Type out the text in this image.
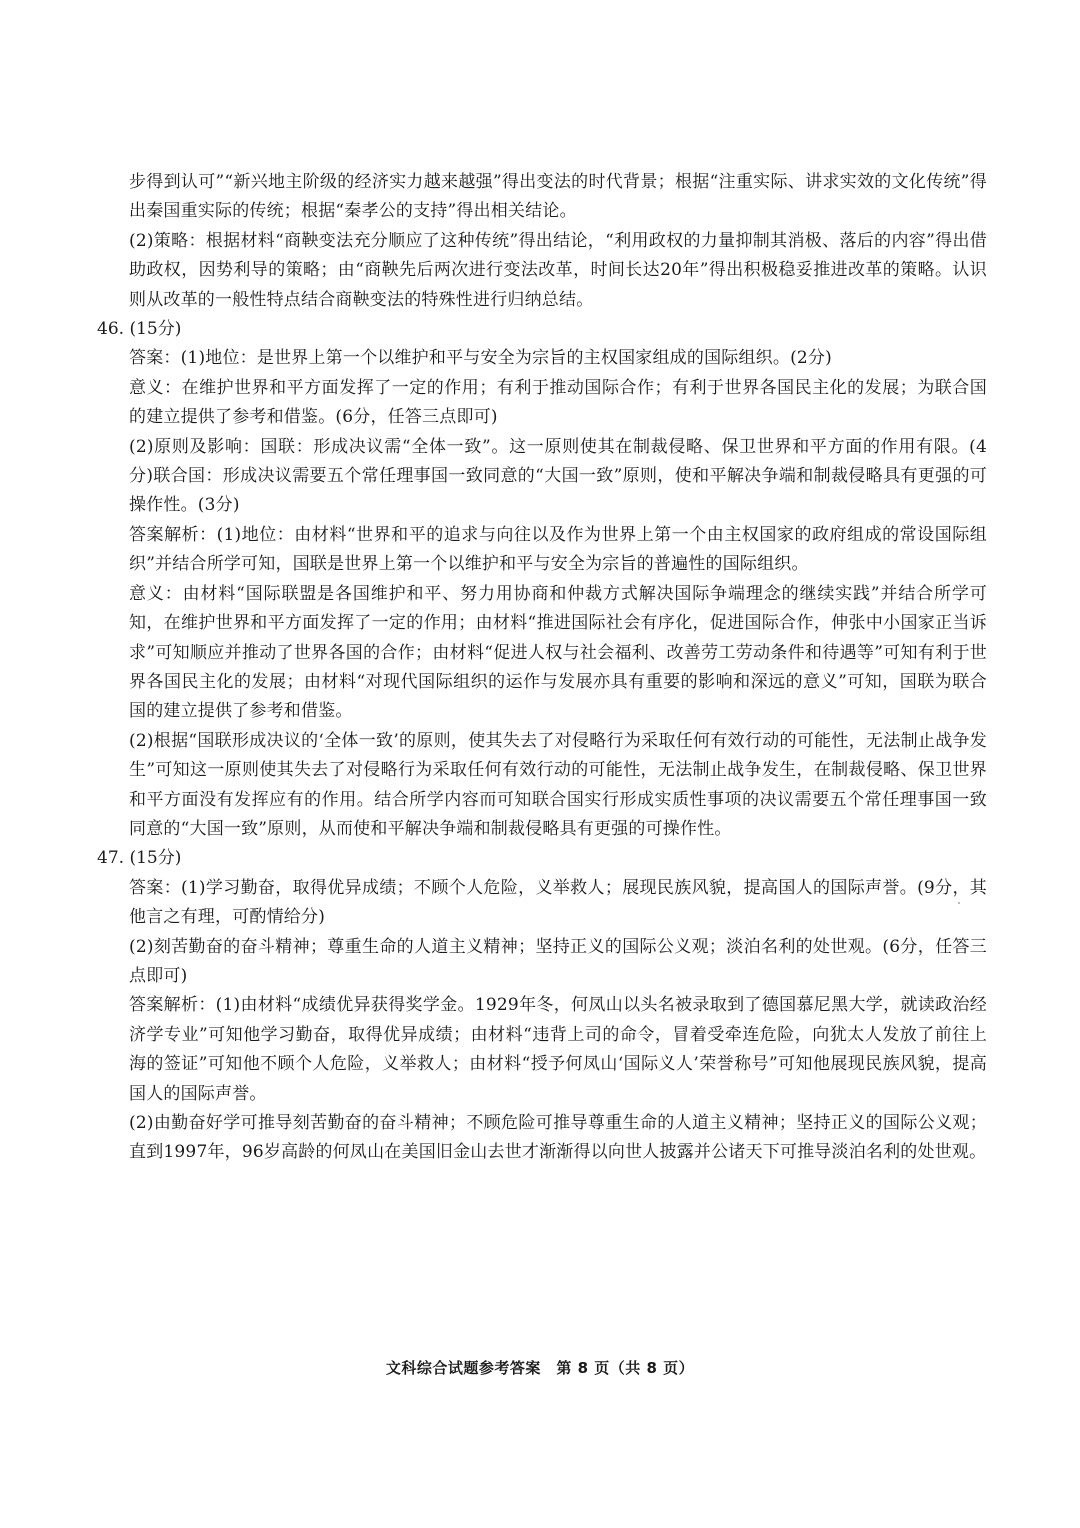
步得到认可”“新兴地主阶级的经济实力越来越强”得出变法的时代背景；根据“注重实际、讲求实效的文化传统”得出秦国重实际的传统；根据“秦孝公的支持”得出相关结论。

(2)策略：根据材料“商鞅变法充分顺应了这种传统”得出结论，“利用政权的力量抑制其消极、落后的内容”得出借助政权，因势利导的策略；由“商鞅先后两次进行变法改革，时间长达20年”得出积极稳妥推进改革的策略。认识则从改革的一般性特点结合商鞅变法的特殊性进行归纳总结。

46. (15分)

答案：(1)地位：是世界上第一个以维护和平与安全为宗旨的主权国家组成的国际组织。(2分)

意义：在维护世界和平方面发挥了一定的作用；有利于推动国际合作；有利于世界各国民主化的发展；为联合国的建立提供了参考和借鉴。(6分，任答三点即可)

(2)原则及影响：国联：形成决议需“全体一致”。这一原则使其在制裁侵略、保卫世界和平方面的作用有限。(4分)联合国：形成决议需要五个常任理事国一致同意的“大国一致”原则，使和平解决争端和制裁侵略具有更强的可操作性。(3分)

答案解析：(1)地位：由材料“世界和平的追求与向往以及作为世界上第一个由主权国家的政府组成的常设国际组织”并结合所学可知，国联是世界上第一个以维护和平与安全为宗旨的普遍性的国际组织。

意义：由材料“国际联盟是各国维护和平、努力用协商和仲裁方式解决国际争端理念的继续实践”并结合所学可知，在维护世界和平方面发挥了一定的作用；由材料“推进国际社会有序化，促进国际合作，伸张中小国家正当诉求”可知顺应并推动了世界各国的合作；由材料“促进人权与社会福利、改善劳工劳动条件和待遇等”可知有利于世界各国民主化的发展；由材料“对现代国际组织的运作与发展亦具有重要的影响和深远的意义”可知，国联为联合国的建立提供了参考和借鉴。

(2)根据“国联形成决议的‘全体一致’的原则，使其失去了对侵略行为采取任何有效行动的可能性，无法制止战争发生”可知这一原则使其失去了对侵略行为采取任何有效行动的可能性，无法制止战争发生，在制裁侵略、保卫世界和平方面没有发挥应有的作用。结合所学内容而可知联合国实行形成实质性事项的决议需要五个常任理事国一致同意的“大国一致”原则，从而使和平解决争端和制裁侵略具有更强的可操作性。

47. (15分)

答案：(1)学习勤奋，取得优异成绩；不顾个人危险，义举救人；展现民族风貌，提高国人的国际声誉。(9分，其他言之有理，可酌情给分)

(2)刻苦勤奋的奋斗精神；尊重生命的人道主义精神；坚持正义的国际公义观；淡泊名利的处世观。(6分，任答三点即可)

答案解析：(1)由材料“成绩优异获得奖学金。1929年冬，何凤山以头名被录取到了德国慕尼黑大学，就读政治经济学专业”可知他学习勤奋，取得优异成绩；由材料“违背上司的命令，冒着受牵连危险，向犹太人发放了前往上海的签证”可知他不顾个人危险，义举救人；由材料“授予何凤山‘国际义人’荣誉称号”可知他展现民族风貌，提高国人的国际声誉。

(2)由勤奋好学可推导刻苦勤奋的奋斗精神；不顾危险可推导尊重生命的人道主义精神；坚持正义的国际公义观；直到1997年，96岁高龄的何凤山在美国旧金山去世才渐渐得以向世人披露并公诸天下可推导淡泊名利的处世观。

文科综合试题参考答案　第 8 页（共 8 页）
